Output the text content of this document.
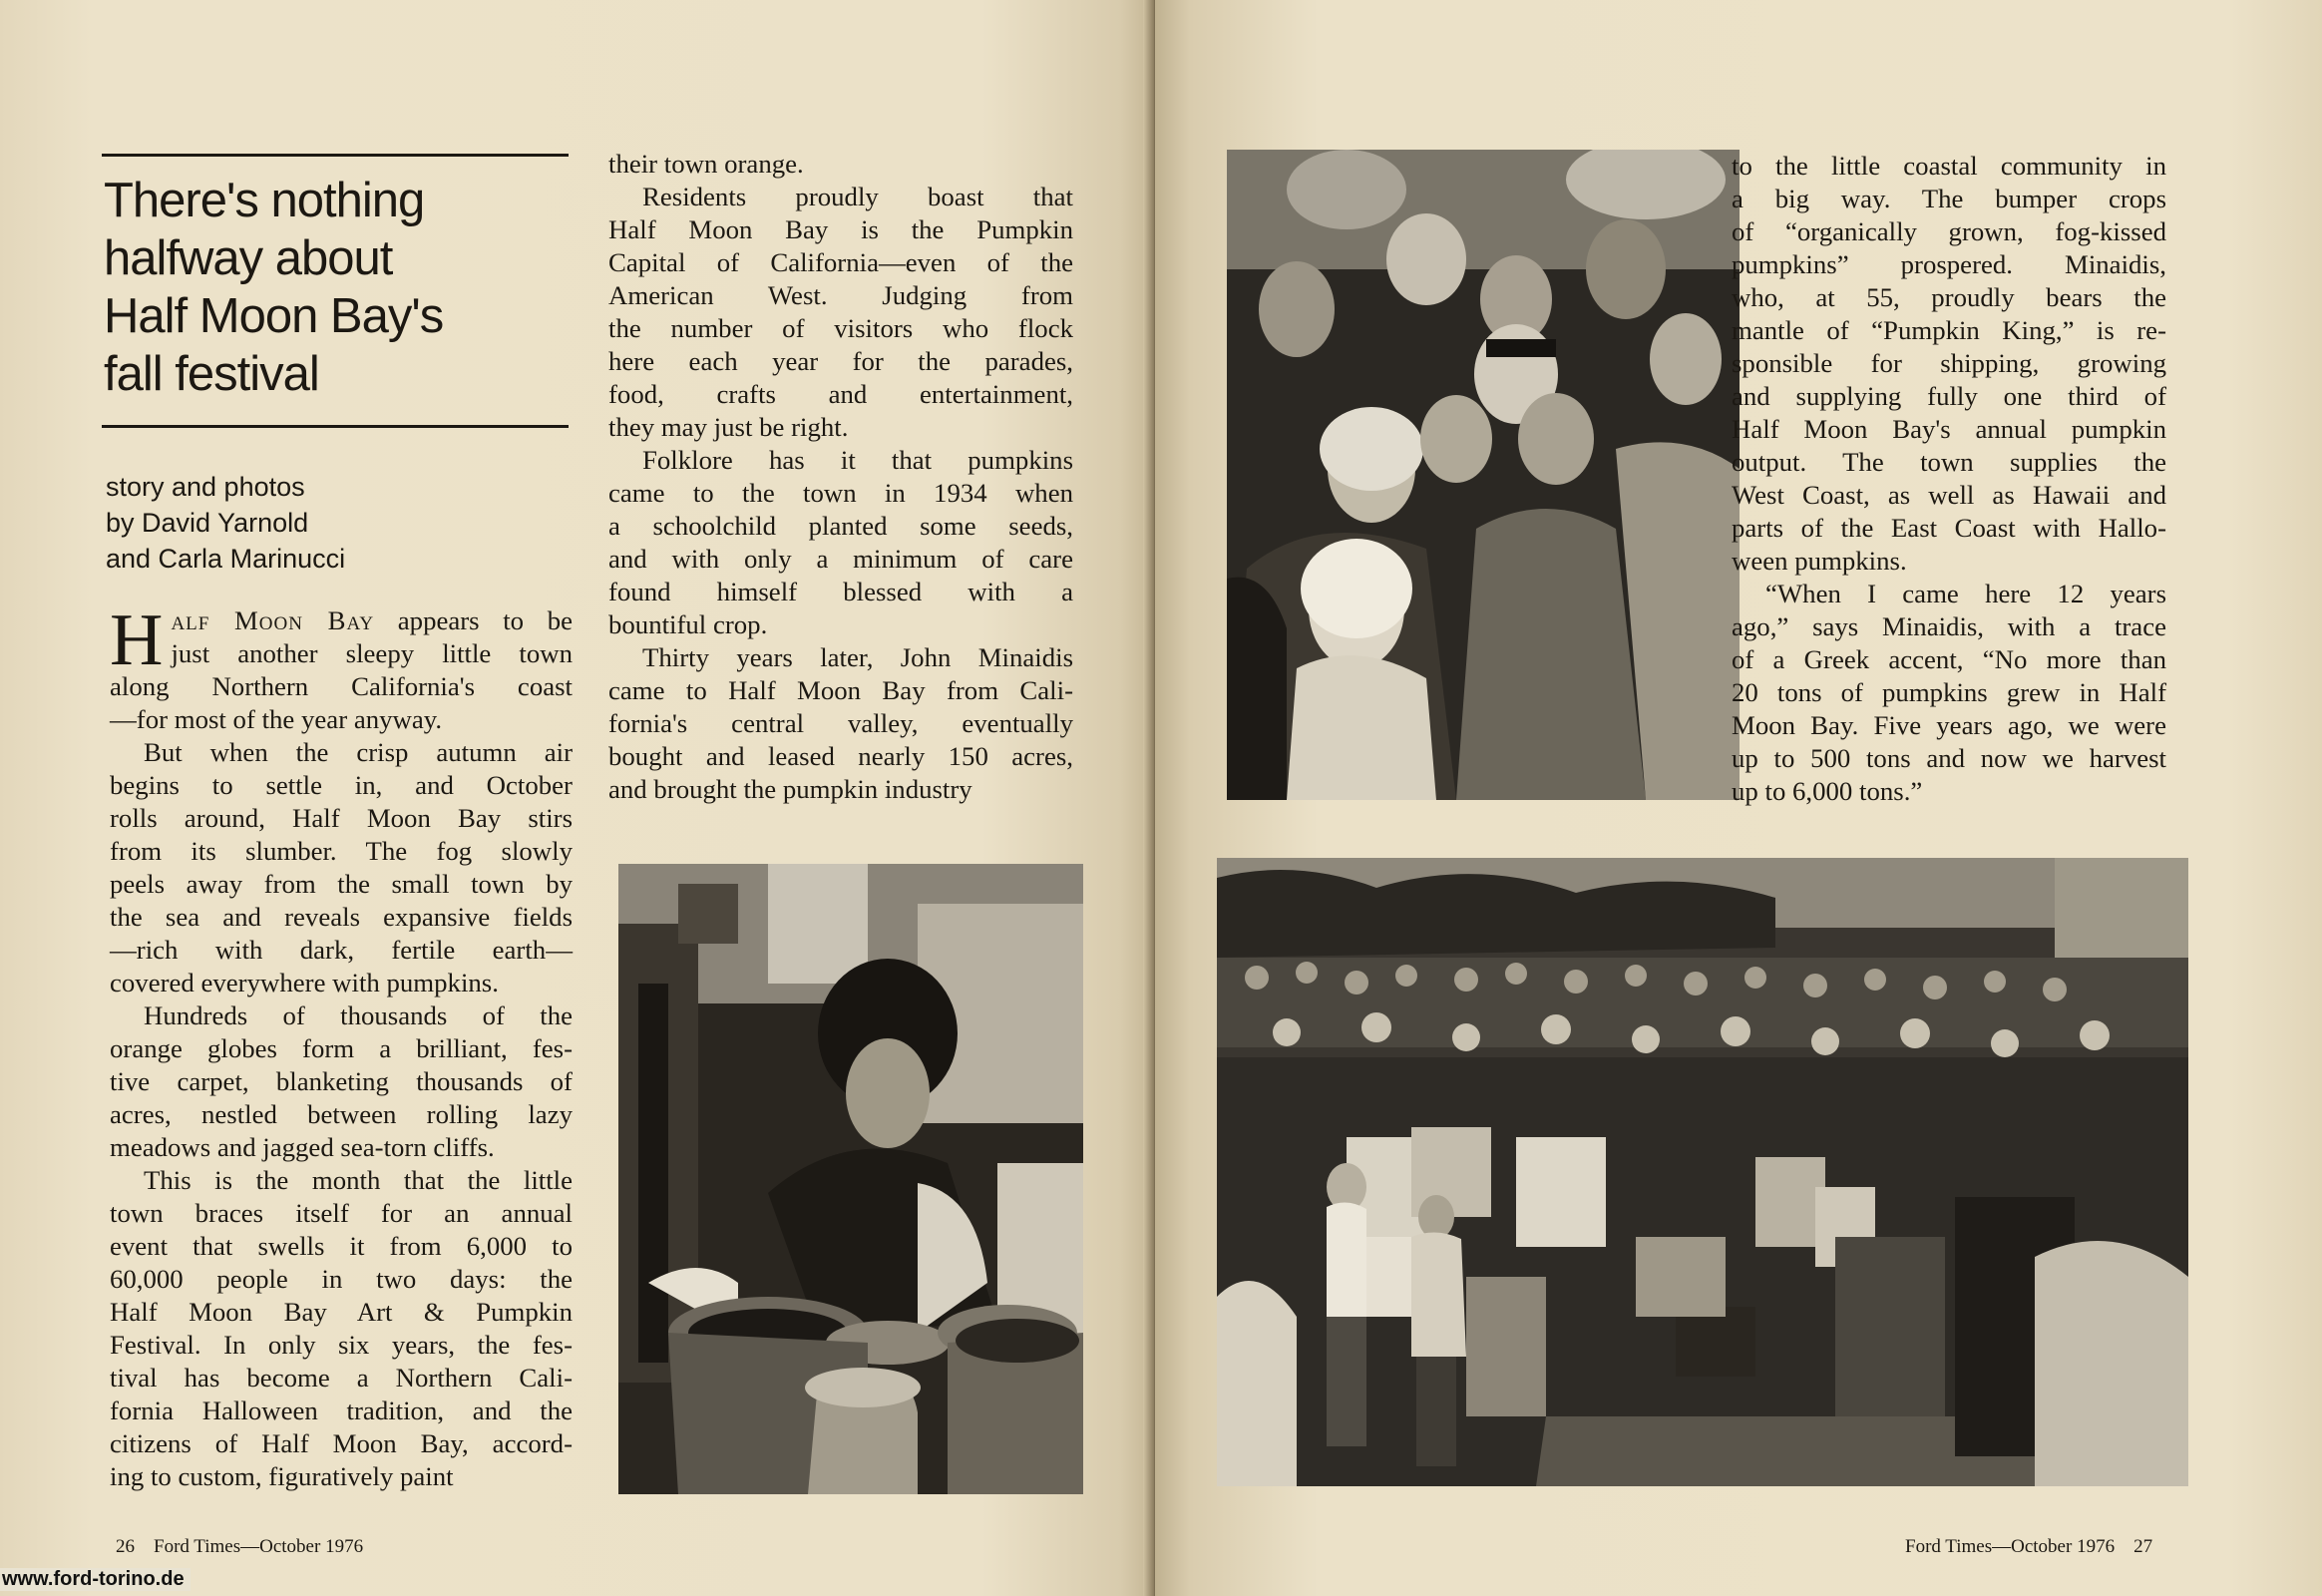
There's nothing
halfway about
Half Moon Bay's
fall festival
story and photos
by David Yarnold
and Carla Marinucci

Half Moon Bay appears to be
just another sleepy little town
along Northern California's coast
—for most of the year anyway.

But when the crisp autumn air

begins to settle in, and October

rolls around, Half Moon Bay stirs

from its slumber. The fog slowly

peels away from the small town by

the sea and reveals expansive fields

—rich with dark, fertile earth—

covered everywhere with pumpkins.

Hundreds of thousands of the

orange globes form a brilliant, fes-

tive carpet, blanketing thousands of

acres, nestled between rolling lazy

meadows and jagged sea-torn cliffs.

This is the month that the little

town braces itself for an annual

event that swells it from 6,000 to

60,000 people in two days: the

Half Moon Bay Art & Pumpkin

Festival. In only six years, the fes-

tival has become a Northern Cali-

fornia Halloween tradition, and the

citizens of Half Moon Bay, accord-

ing to custom, figuratively paint

their town orange.

Residents proudly boast that

Half Moon Bay is the Pumpkin

Capital of California—even of the

American West. Judging from

the number of visitors who flock

here each year for the parades,

food, crafts and entertainment,

they may just be right.

Folklore has it that pumpkins

came to the town in 1934 when

a schoolchild planted some seeds,

and with only a minimum of care

found himself blessed with a

bountiful crop.

Thirty years later, John Minaidis

came to Half Moon Bay from Cali-

fornia's central valley, eventually

bought and leased nearly 150 acres,

and brought the pumpkin industry

26 Ford Times—October 1976
www.ford-torino.de

to the little coastal community in

a big way. The bumper crops

of “organically grown, fog-kissed

pumpkins” prospered. Minaidis,

who, at 55, proudly bears the

mantle of “Pumpkin King,” is re-

sponsible for shipping, growing

and supplying fully one third of

Half Moon Bay's annual pumpkin

output. The town supplies the

West Coast, as well as Hawaii and

parts of the East Coast with Hallo-

ween pumpkins.

“When I came here 12 years

ago,” says Minaidis, with a trace

of a Greek accent, “No more than

20 tons of pumpkins grew in Half

Moon Bay. Five years ago, we were

up to 500 tons and now we harvest

up to 6,000 tons.”

Ford Times—October 1976 27
